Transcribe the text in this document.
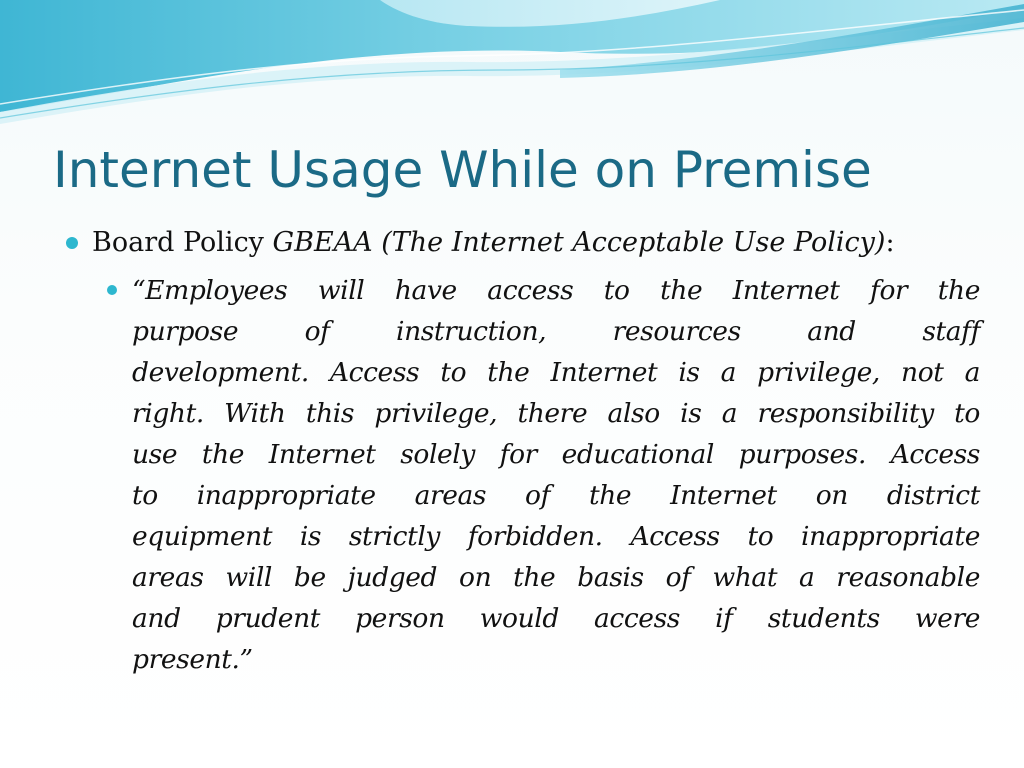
Internet Usage While on Premise
Board Policy GBEAA (The Internet Acceptable Use Policy):
“Employees will have access to the Internet for the
purpose of instruction, resources and staff
development. Access to the Internet is a privilege, not a
right. With this privilege, there also is a responsibility to
use the Internet solely for educational purposes. Access
to inappropriate areas of the Internet on district
equipment is strictly forbidden. Access to inappropriate
areas will be judged on the basis of what a reasonable
and prudent person would access if students were
present.”
